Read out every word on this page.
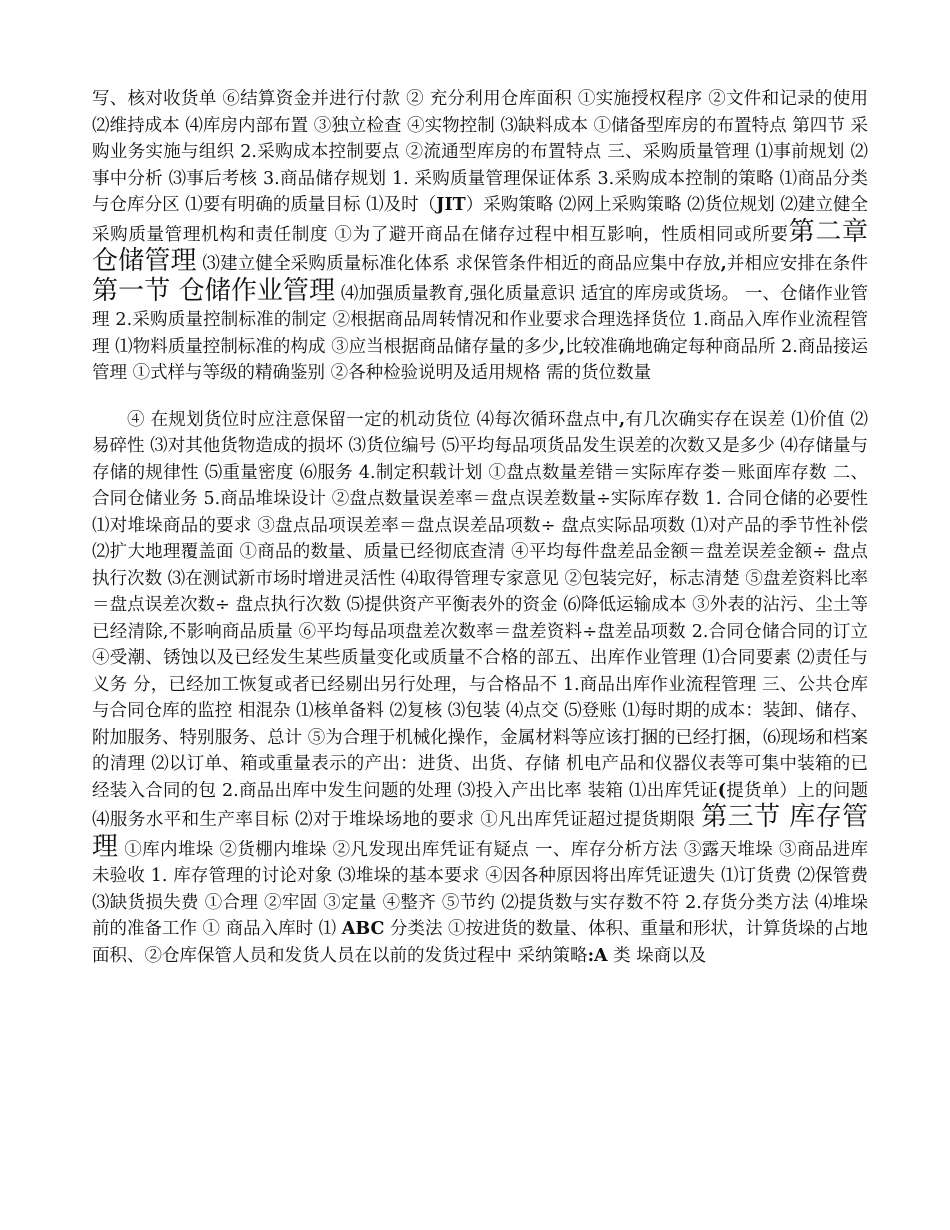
写、核对收货单 ⑥结算资金并进行付款 ② 充分利用仓库面积 ①实施授权程序 ②文件和记录的使用 ⑵维持成本 ⑷库房内部布置 ③独立检查 ④实物控制 ⑶缺料成本 ①储备型库房的布置特点 第四节 采购业务实施与组织 2.采购成本控制要点 ②流通型库房的布置特点 三、采购质量管理 ⑴事前规划 ⑵事中分析 ⑶事后考核 3.商品储存规划 1. 采购质量管理保证体系 3.采购成本控制的策略 ⑴商品分类与仓库分区 ⑴要有明确的质量目标 ⑴及时（JIT）采购策略 ⑵网上采购策略 ⑵货位规划 ⑵建立健全采购质量管理机构和责任制度 ①为了避开商品在储存过程中相互影响，性质相同或所要第二章 仓储管理 ⑶建立健全采购质量标准化体系 求保管条件相近的商品应集中存放,并相应安排在条件第一节 仓储作业管理 ⑷加强质量教育,强化质量意识 适宜的库房或货场。 一、仓储作业管理 2.采购质量控制标准的制定 ②根据商品周转情况和作业要求合理选择货位 1.商品入库作业流程管理 ⑴物料质量控制标准的构成 ③应当根据商品储存量的多少,比较准确地确定每种商品所 2.商品接运管理 ①式样与等级的精确鉴别 ②各种检验说明及适用规格 需的货位数量

④ 在规划货位时应注意保留一定的机动货位 ⑷每次循环盘点中,有几次确实存在误差 ⑴价值 ⑵易碎性 ⑶对其他货物造成的损坏 ⑶货位编号 ⑸平均每品项货品发生误差的次数又是多少 ⑷存储量与存储的规律性 ⑸重量密度 ⑹服务 4.制定积载计划 ①盘点数量差错＝实际库存娄－账面库存数 二、合同仓储业务 5.商品堆垛设计 ②盘点数量误差率＝盘点误差数量÷实际库存数 1. 合同仓储的必要性 ⑴对堆垛商品的要求 ③盘点品项误差率＝盘点误差品项数÷ 盘点实际品项数 ⑴对产品的季节性补偿 ⑵扩大地理覆盖面 ①商品的数量、质量已经彻底查清 ④平均每件盘差品金额＝盘差误差金额÷ 盘点执行次数 ⑶在测试新市场时增进灵活性 ⑷取得管理专家意见 ②包装完好，标志清楚 ⑤盘差资料比率＝盘点误差次数÷ 盘点执行次数 ⑸提供资产平衡表外的资金 ⑹降低运输成本 ③外表的沾污、尘土等已经清除,不影响商品质量 ⑥平均每品项盘差次数率＝盘差资料÷盘差品项数 2.合同仓储合同的订立 ④受潮、锈蚀以及已经发生某些质量变化或质量不合格的部五、出库作业管理 ⑴合同要素 ⑵责任与义务 分，已经加工恢复或者已经剔出另行处理，与合格品不 1.商品出库作业流程管理 三、公共仓库与合同仓库的监控 相混杂 ⑴核单备料 ⑵复核 ⑶包装 ⑷点交 ⑸登账 ⑴每时期的成本：装卸、储存、附加服务、特别服务、总计 ⑤为合理于机械化操作，金属材料等应该打捆的已经打捆，⑹现场和档案的清理 ⑵以订单、箱或重量表示的产出：进货、出货、存储 机电产品和仪器仪表等可集中装箱的已经装入合同的包 2.商品出库中发生问题的处理 ⑶投入产出比率 装箱 ⑴出库凭证(提货单）上的问题 ⑷服务水平和生产率目标 ⑵对于堆垛场地的要求 ①凡出库凭证超过提货期限 第三节 库存管理 ①库内堆垛 ②货棚内堆垛 ②凡发现出库凭证有疑点 一、库存分析方法 ③露天堆垛 ③商品进库未验收 1. 库存管理的讨论对象 ⑶堆垛的基本要求 ④因各种原因将出库凭证遗失 ⑴订货费 ⑵保管费 ⑶缺货损失费 ①合理 ②牢固 ③定量 ④整齐 ⑤节约 ⑵提货数与实存数不符 2.存货分类方法 ⑷堆垛前的准备工作 ① 商品入库时 ⑴ ABC 分类法 ①按进货的数量、体积、重量和形状，计算货垛的占地面积、②仓库保管人员和发货人员在以前的发货过程中 采纳策略:A 类 垛商以及
